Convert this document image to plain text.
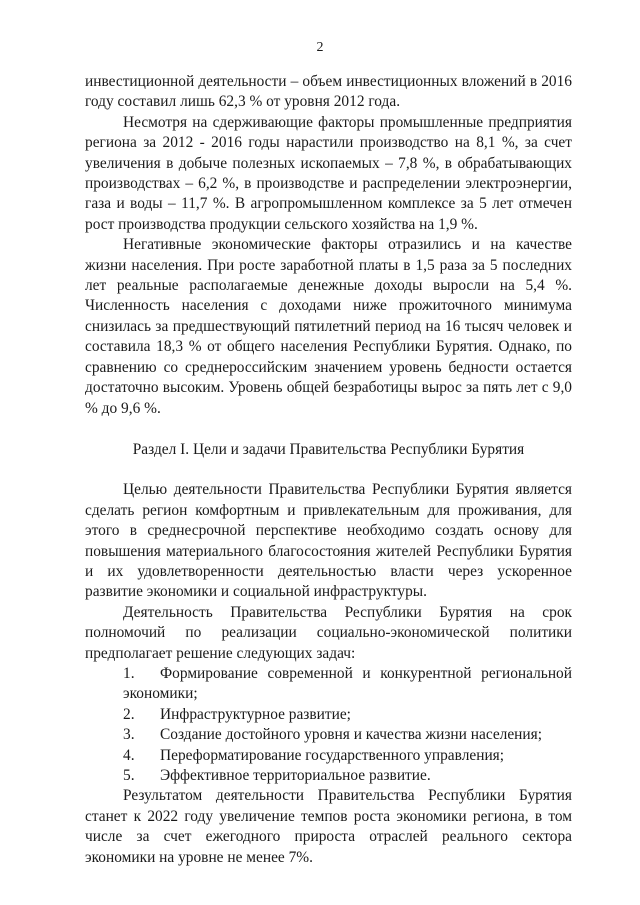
2

инвестиционной деятельности – объем инвестиционных вложений в 2016 году составил лишь 62,3 % от уровня 2012 года.

Несмотря на сдерживающие факторы промышленные предприятия региона за 2012 - 2016 годы нарастили производство на 8,1 %, за счет увеличения в добыче полезных ископаемых – 7,8 %, в обрабатывающих производствах – 6,2 %, в производстве и распределении электроэнергии, газа и воды – 11,7 %. В агропромышленном комплексе за 5 лет отмечен рост производства продукции сельского хозяйства на 1,9 %.

Негативные экономические факторы отразились и на качестве жизни населения. При росте заработной платы в 1,5 раза за 5 последних лет реальные располагаемые денежные доходы выросли на 5,4 %. Численность населения с доходами ниже прожиточного минимума снизилась за предшествующий пятилетний период на 16 тысяч человек и составила 18,3 % от общего населения Республики Бурятия. Однако, по сравнению со среднероссийским значением уровень бедности остается достаточно высоким. Уровень общей безработицы вырос за пять лет с 9,0 % до 9,6 %.

Раздел I. Цели и задачи Правительства Республики Бурятия

Целью деятельности Правительства Республики Бурятия является сделать регион комфортным и привлекательным для проживания, для этого в среднесрочной перспективе необходимо создать основу для повышения материального благосостояния жителей Республики Бурятия и их удовлетворенности деятельностью власти через ускоренное развитие экономики и социальной инфраструктуры.

Деятельность Правительства Республики Бурятия на срок полномочий по реализации социально-экономической политики предполагает решение следующих задач:

1. Формирование современной и конкурентной региональной экономики;

2. Инфраструктурное развитие;

3. Создание достойного уровня и качества жизни населения;

4. Переформатирование государственного управления;

5. Эффективное территориальное развитие.

Результатом деятельности Правительства Республики Бурятия станет к 2022 году увеличение темпов роста экономики региона, в том числе за счет ежегодного прироста отраслей реального сектора экономики на уровне не менее 7%.
